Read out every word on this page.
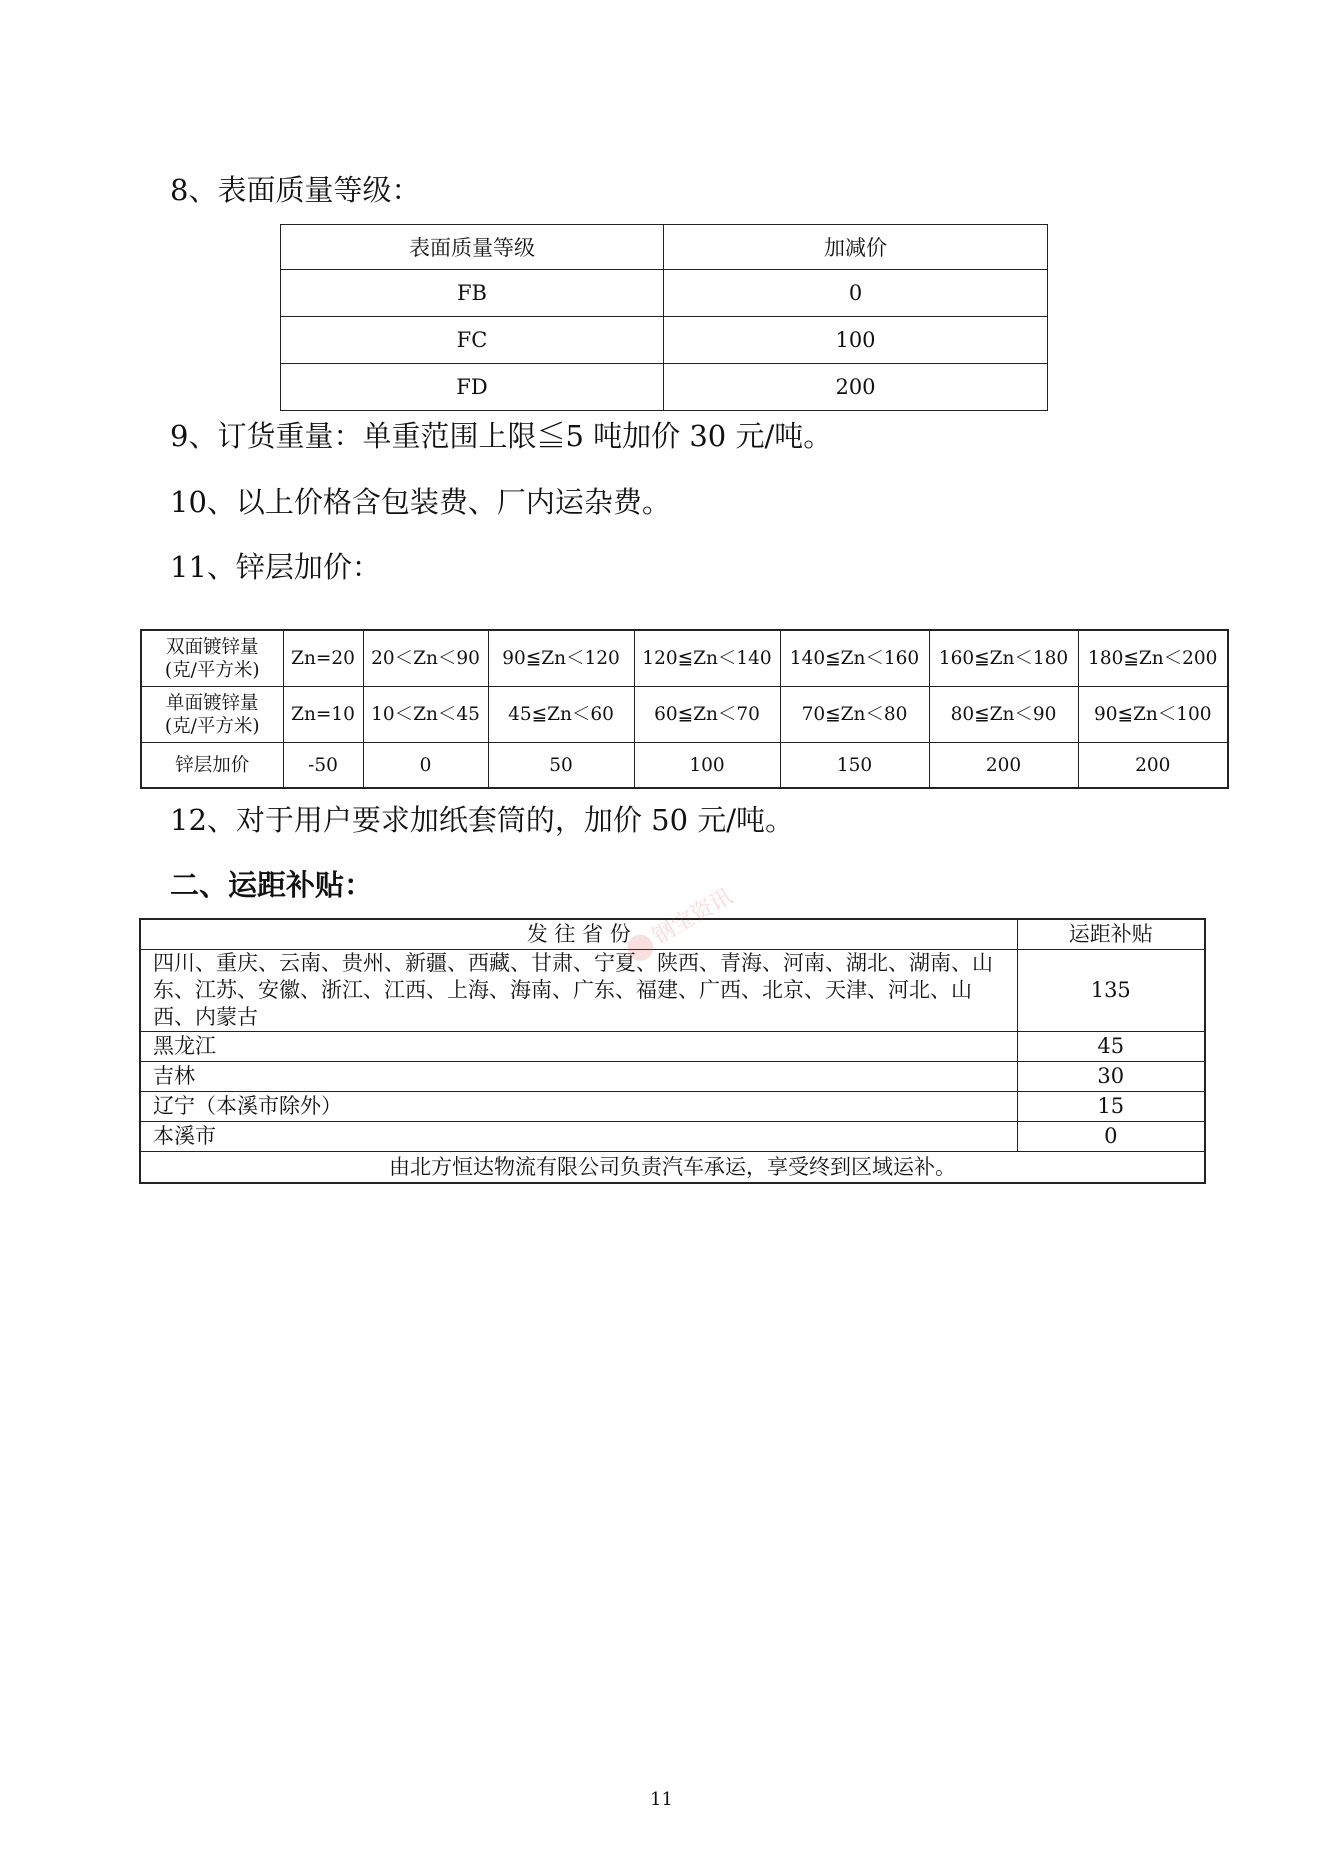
8、表面质量等级：

表面质量等级	加减价
FB	0
FC	100
FD	200

9、订货重量：单重范围上限≦5 吨加价 30 元/吨。

10、以上价格含包装费、厂内运杂费。

11、锌层加价：

双面镀锌量
(克/平方米)	Zn=20	20＜Zn＜90	90≦Zn＜120	120≦Zn＜140	140≦Zn＜160	160≦Zn＜180	180≦Zn＜200
单面镀锌量
(克/平方米)	Zn=10	10＜Zn＜45	45≦Zn＜60	60≦Zn＜70	70≦Zn＜80	80≦Zn＜90	90≦Zn＜100
锌层加价	-50	0	50	100	150	200	200

12、对于用户要求加纸套筒的，加价 50 元/吨。

二、运距补贴：

发 往 省 份	运距补贴
四川、重庆、云南、贵州、新疆、西藏、甘肃、宁夏、陕西、青海、河南、湖北、湖南、山东、江苏、安徽、浙江、江西、上海、海南、广东、福建、广西、北京、天津、河北、山西、内蒙古	135
黑龙江	45
吉林	30
辽宁（本溪市除外）	15
本溪市	0
由北方恒达物流有限公司负责汽车承运，享受终到区域运补。	
钢宝资讯
11
